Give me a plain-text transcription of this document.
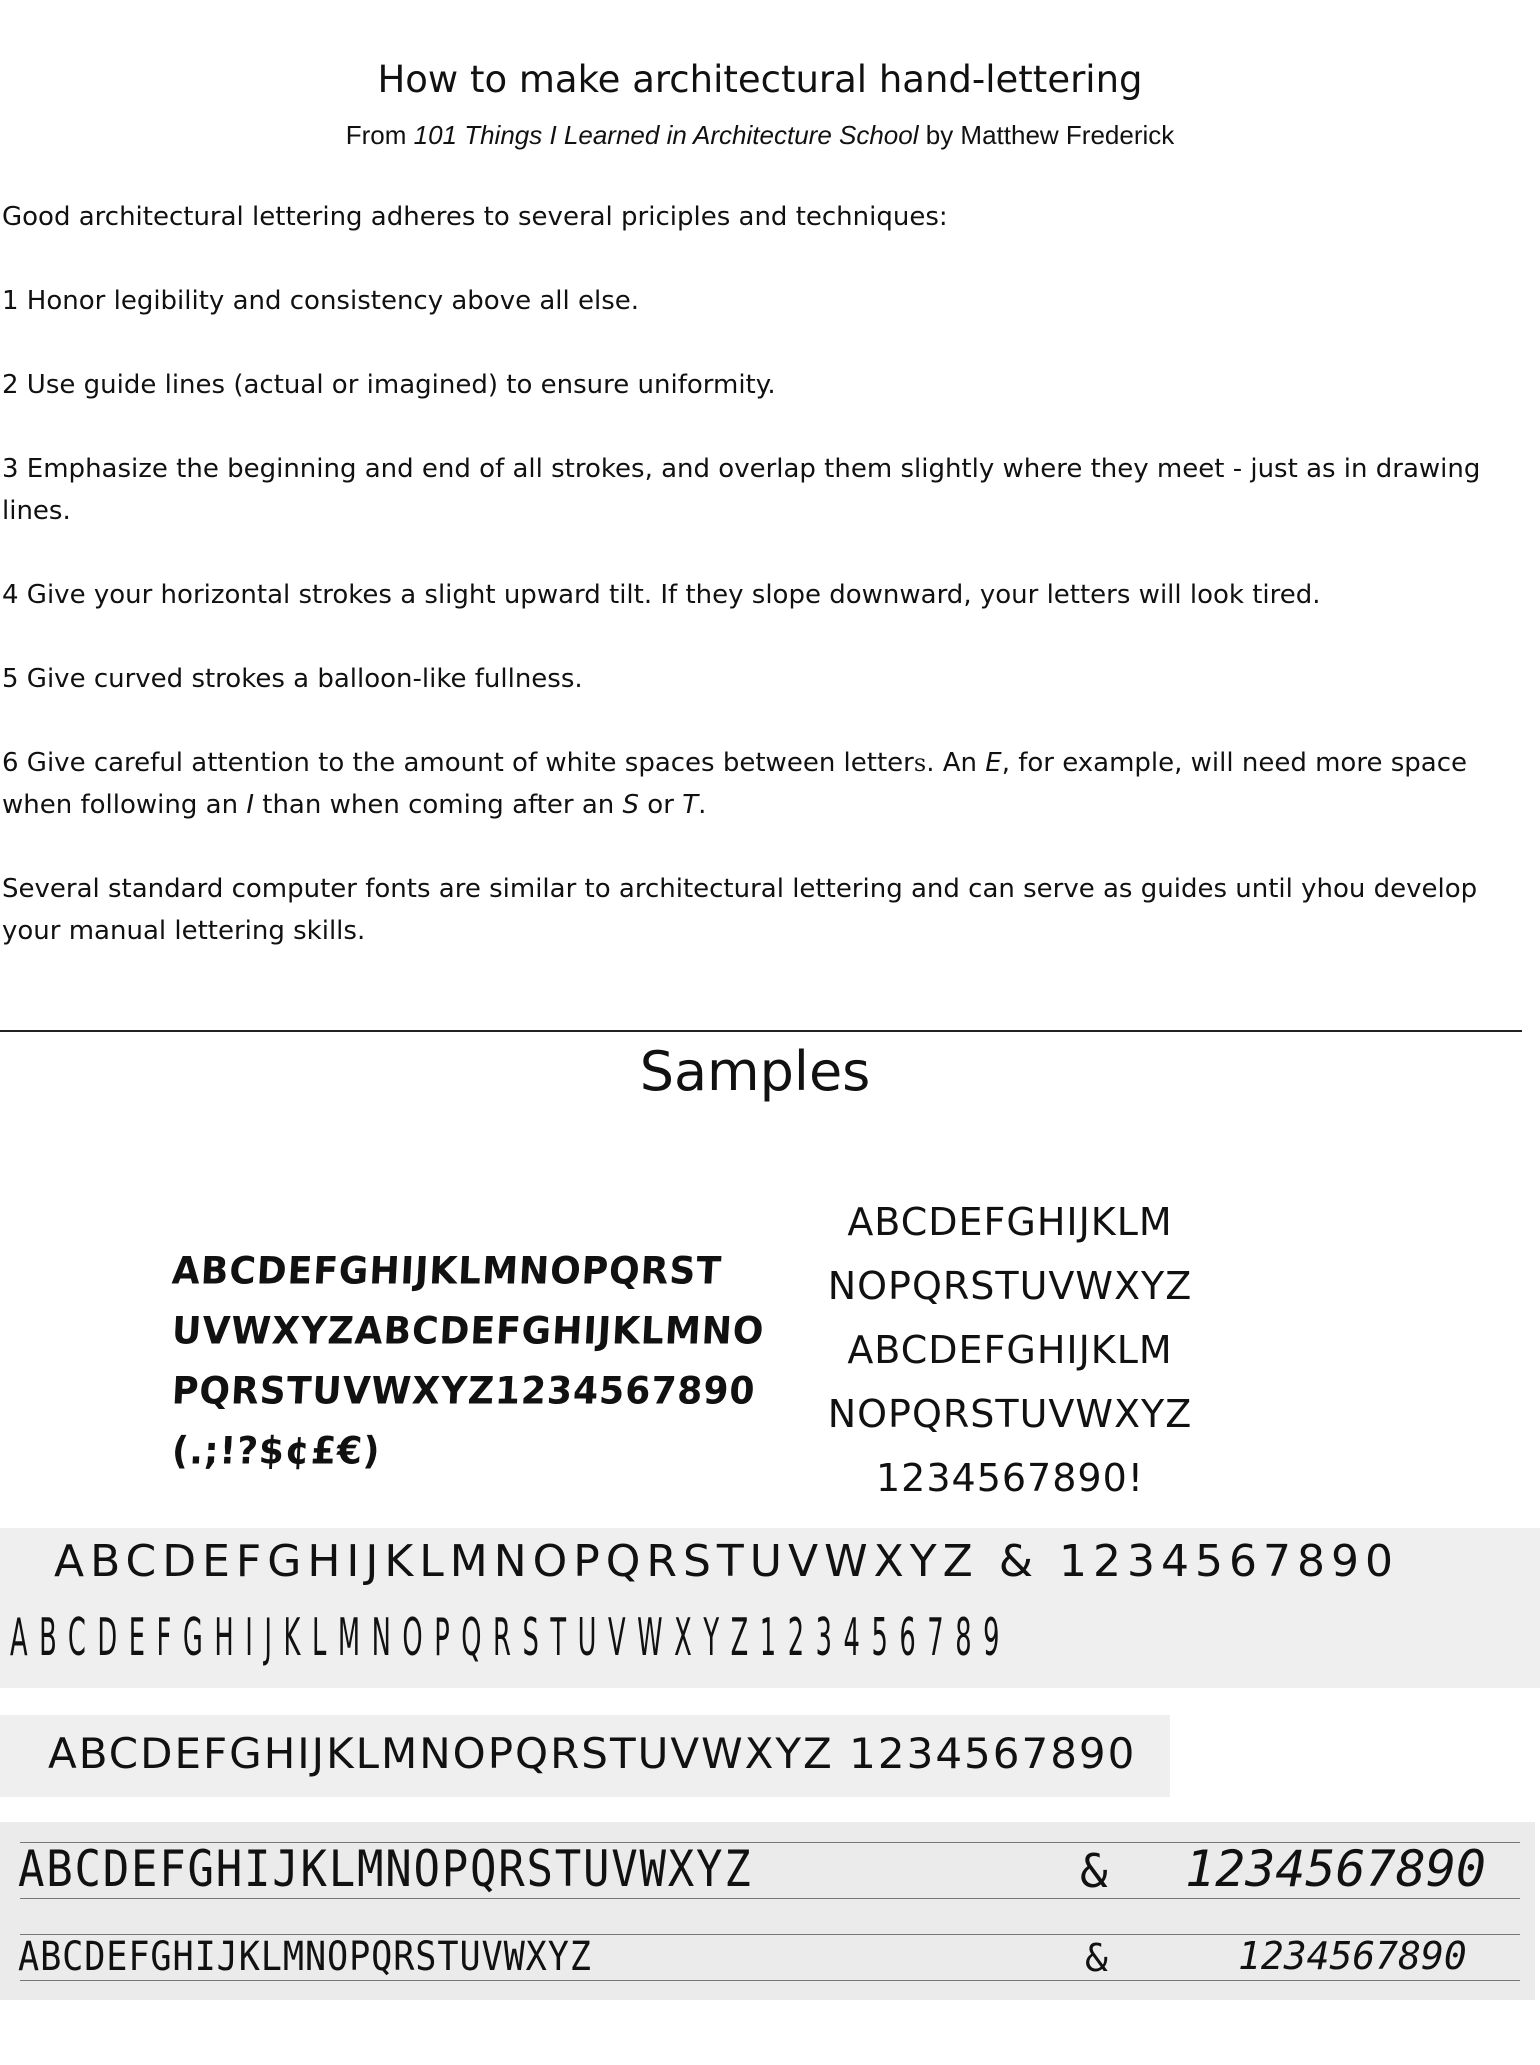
How to make architectural hand-lettering
From 101 Things I Learned in Architecture School by Matthew Frederick

Good architectural lettering adheres to several priciples and techniques:

1 Honor legibility and consistency above all else.

2 Use guide lines (actual or imagined) to ensure uniformity.

3 Emphasize the beginning and end of all strokes, and overlap them slightly where they meet - just as in drawing lines.

4 Give your horizontal strokes a slight upward tilt. If they slope downward, your letters will look tired.

5 Give curved strokes a balloon-like fullness.

6 Give careful attention to the amount of white spaces between letters. An E, for example, will need more space when following an I than when coming after an S or T.

Several standard computer fonts are similar to architectural lettering and can serve as guides until yhou develop your manual lettering skills.

Samples
ABCDEFGHIJKLMNOPQRST
UVWXYZABCDEFGHIJKLMNO
PQRSTUVWXYZ1234567890
(.;!?$¢£€)
ABCDEFGHIJKLM
NOPQRSTUVWXYZ
ABCDEFGHIJKLM
NOPQRSTUVWXYZ
1234567890!
ABCDEFGHIJKLMNOPQRSTUVWXYZ & 1234567890
ABCDEFGHIJKLMNOPQRSTUVWXYZ123456789
ABCDEFGHIJKLMNOPQRSTUVWXYZ 1234567890
ABCDEFGHIJKLMNOPQRSTUVWXYZ	& 1234567890
ABCDEFGHIJKLMNOPQRSTUVWXYZ	&	1234567890
